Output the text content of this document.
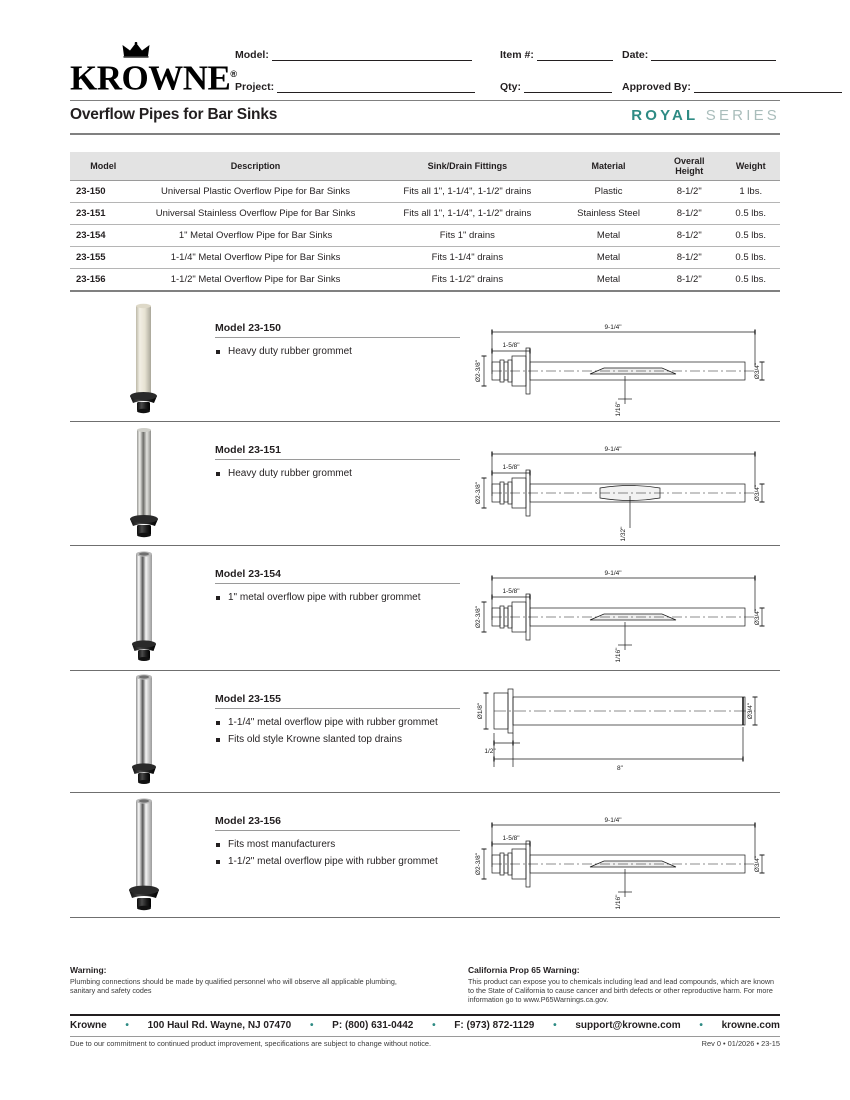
KROWNE®
Model:	Item #:	Date:
Project:	Qty:	Approved By:
Overflow Pipes for Bar Sinks	ROYAL SERIES
Model	Description	Sink/Drain Fittings	Material	Overall Height	Weight
23-150	Universal Plastic Overflow Pipe for Bar Sinks	Fits all 1", 1-1/4", 1-1/2" drains	Plastic	8-1/2"	1 lbs.
23-151	Universal Stainless Overflow Pipe for Bar Sinks	Fits all 1", 1-1/4", 1-1/2" drains	Stainless Steel	8-1/2"	0.5 lbs.
23-154	1" Metal Overflow Pipe for Bar Sinks	Fits 1" drains	Metal	8-1/2"	0.5 lbs.
23-155	1-1/4" Metal Overflow Pipe for Bar Sinks	Fits 1-1/4" drains	Metal	8-1/2"	0.5 lbs.
23-156	1-1/2" Metal Overflow Pipe for Bar Sinks	Fits 1-1/2" drains	Metal	8-1/2"	0.5 lbs.
Model 23-150
Heavy duty rubber grommet
9-1/4"
1-5/8"
Ø2-3/8"	Ø3/4"
1/16"
Model 23-151
Heavy duty rubber grommet
9-1/4"
1-5/8"
Ø2-3/8"	Ø3/4"
1/32"
Model 23-154
1" metal overflow pipe with rubber grommet
9-1/4"
1-5/8"
Ø2-3/8"	Ø3/4"
1/16"
Model 23-155
1-1/4" metal overflow pipe with rubber grommet
Fits old style Krowne slanted top drains
Ø1/8"	Ø3/4"
1/2"
8"
Model 23-156
Fits most manufacturers
1-1/2" metal overflow pipe with rubber grommet
9-1/4"
1-5/8"
Ø2-3/8"	Ø3/4"
1/16"
Warning:
Plumbing connections should be made by qualified personnel who will observe all applicable plumbing, sanitary and safety codes
California Prop 65 Warning:
This product can expose you to chemicals including lead and lead compounds, which are known to the State of California to cause cancer and birth defects or other reproductive harm. For more information go to www.P65Warnings.ca.gov.
Krowne • 100 Haul Rd. Wayne, NJ 07470 • P: (800) 631-0442 • F: (973) 872-1129 • support@krowne.com • krowne.com
Due to our commitment to continued product improvement, specifications are subject to change without notice.	Rev 0 • 01/2026 • 23-15
